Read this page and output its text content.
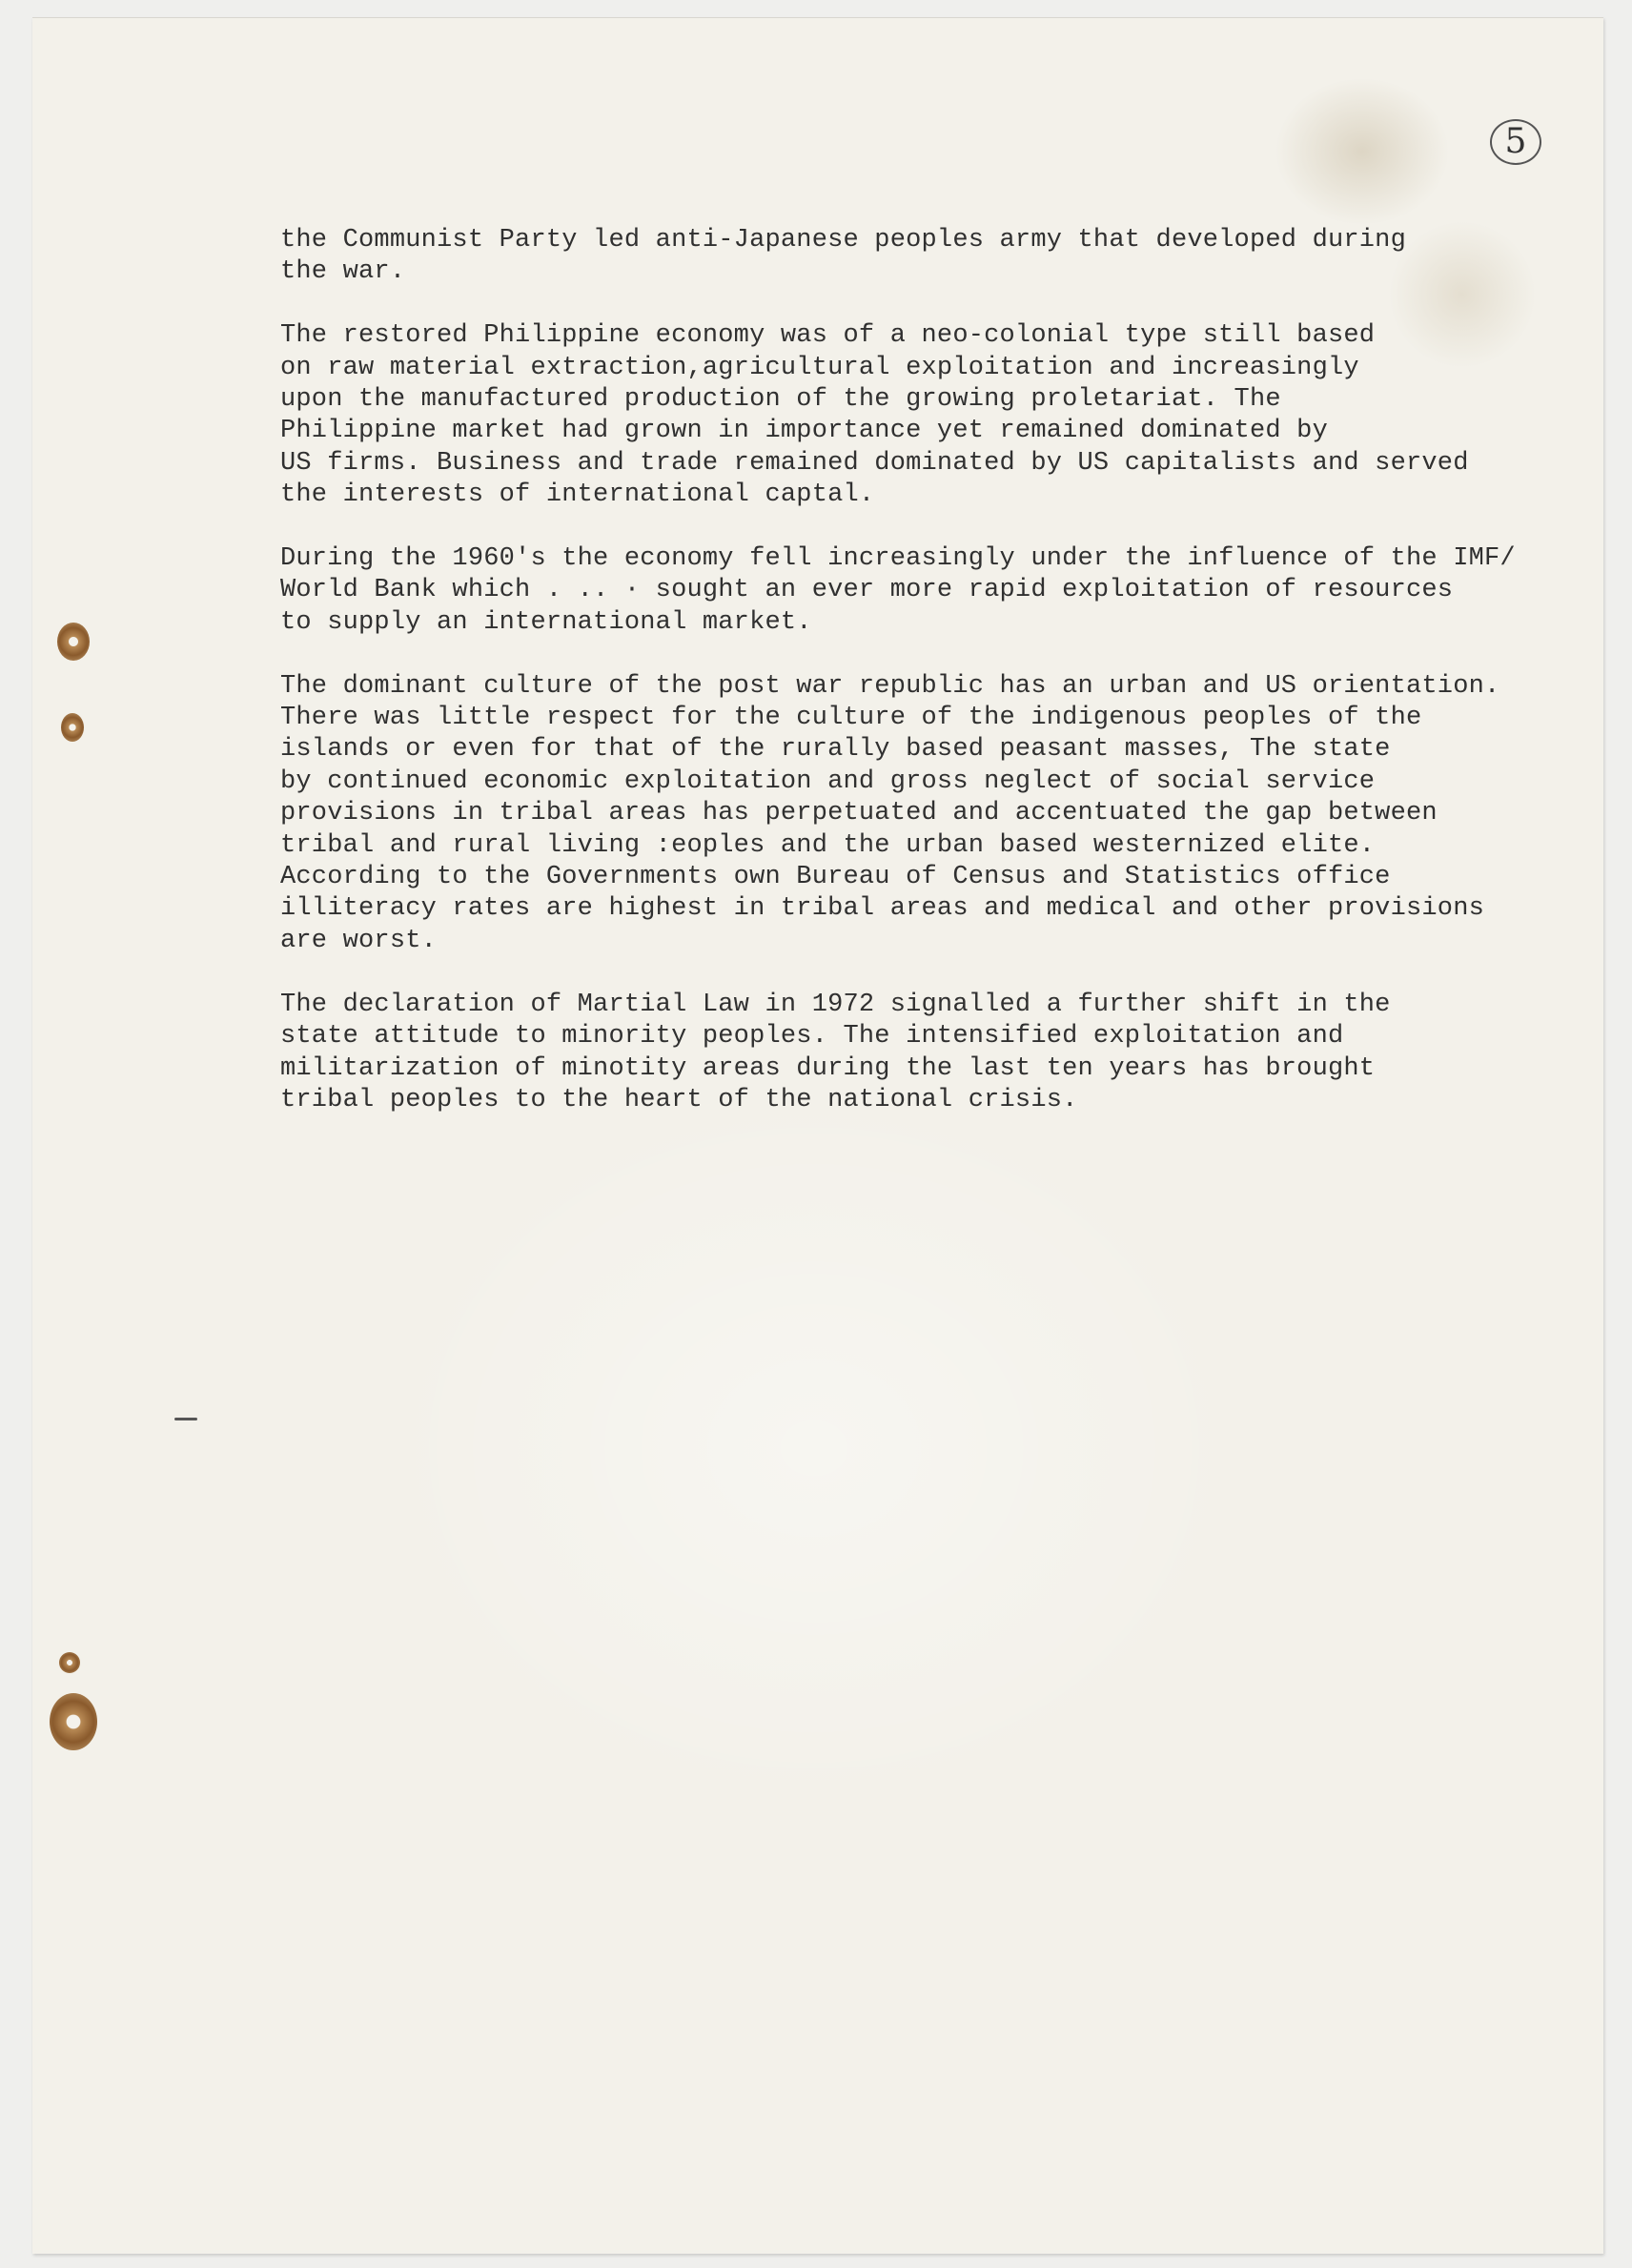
5
the Communist Party led anti-Japanese peoples army that developed during
the war.
The restored Philippine economy was of a neo-colonial type still based
on raw material extraction,agricultural exploitation and increasingly
upon the manufactured production of the growing proletariat. The
Philippine market had grown in importance yet remained dominated by
US firms. Business and trade remained dominated by US capitalists and served
the interests of international captal.
During the 1960's the economy fell increasingly under the influence of the IMF/
World Bank which . .. · sought an ever more rapid exploitation of resources
to supply an international market.
The dominant culture of the post war republic has an urban and US orientation.
There was little respect for the culture of the indigenous peoples of the
islands or even for that of the rurally based peasant masses, The state
by continued economic exploitation and gross neglect of social service
provisions in tribal areas has perpetuated and accentuated the gap between
tribal and rural living :eoples and the urban based westernized elite.
According to the Governments own Bureau of Census and Statistics office
illiteracy rates are highest in tribal areas and medical and other provisions
are worst.
The declaration of Martial Law in 1972 signalled a further shift in the
state attitude to minority peoples. The intensified exploitation and
militarization of minotity areas during the last ten years has brought
tribal peoples to the heart of the national crisis.
